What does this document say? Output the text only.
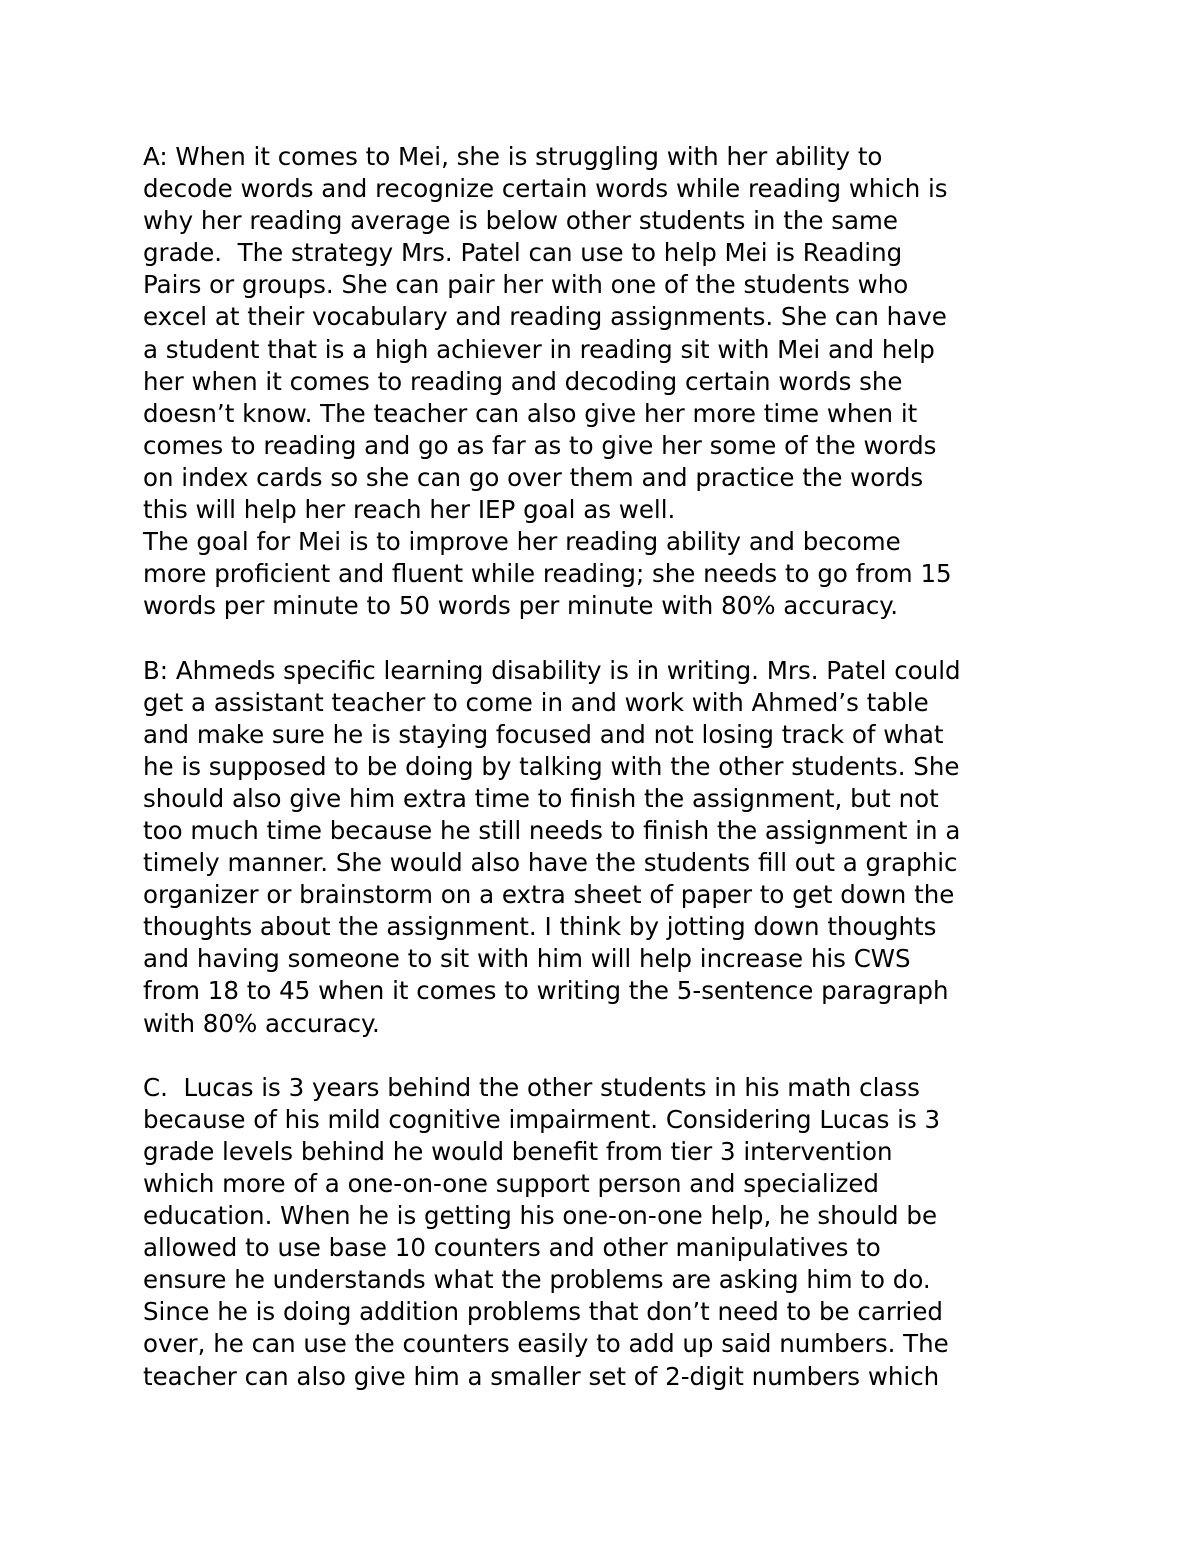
A: When it comes to Mei, she is struggling with her ability to
decode words and recognize certain words while reading which is
why her reading average is below other students in the same
grade.  The strategy Mrs. Patel can use to help Mei is Reading
Pairs or groups. She can pair her with one of the students who
excel at their vocabulary and reading assignments. She can have
a student that is a high achiever in reading sit with Mei and help
her when it comes to reading and decoding certain words she
doesn’t know. The teacher can also give her more time when it
comes to reading and go as far as to give her some of the words
on index cards so she can go over them and practice the words
this will help her reach her IEP goal as well.
The goal for Mei is to improve her reading ability and become
more proficient and fluent while reading; she needs to go from 15
words per minute to 50 words per minute with 80% accuracy.
B: Ahmeds specific learning disability is in writing. Mrs. Patel could
get a assistant teacher to come in and work with Ahmed’s table
and make sure he is staying focused and not losing track of what
he is supposed to be doing by talking with the other students. She
should also give him extra time to finish the assignment, but not
too much time because he still needs to finish the assignment in a
timely manner. She would also have the students fill out a graphic
organizer or brainstorm on a extra sheet of paper to get down the
thoughts about the assignment. I think by jotting down thoughts
and having someone to sit with him will help increase his CWS
from 18 to 45 when it comes to writing the 5-sentence paragraph
with 80% accuracy.
C.  Lucas is 3 years behind the other students in his math class
because of his mild cognitive impairment. Considering Lucas is 3
grade levels behind he would benefit from tier 3 intervention
which more of a one-on-one support person and specialized
education. When he is getting his one-on-one help, he should be
allowed to use base 10 counters and other manipulatives to
ensure he understands what the problems are asking him to do.
Since he is doing addition problems that don’t need to be carried
over, he can use the counters easily to add up said numbers. The
teacher can also give him a smaller set of 2-digit numbers which
